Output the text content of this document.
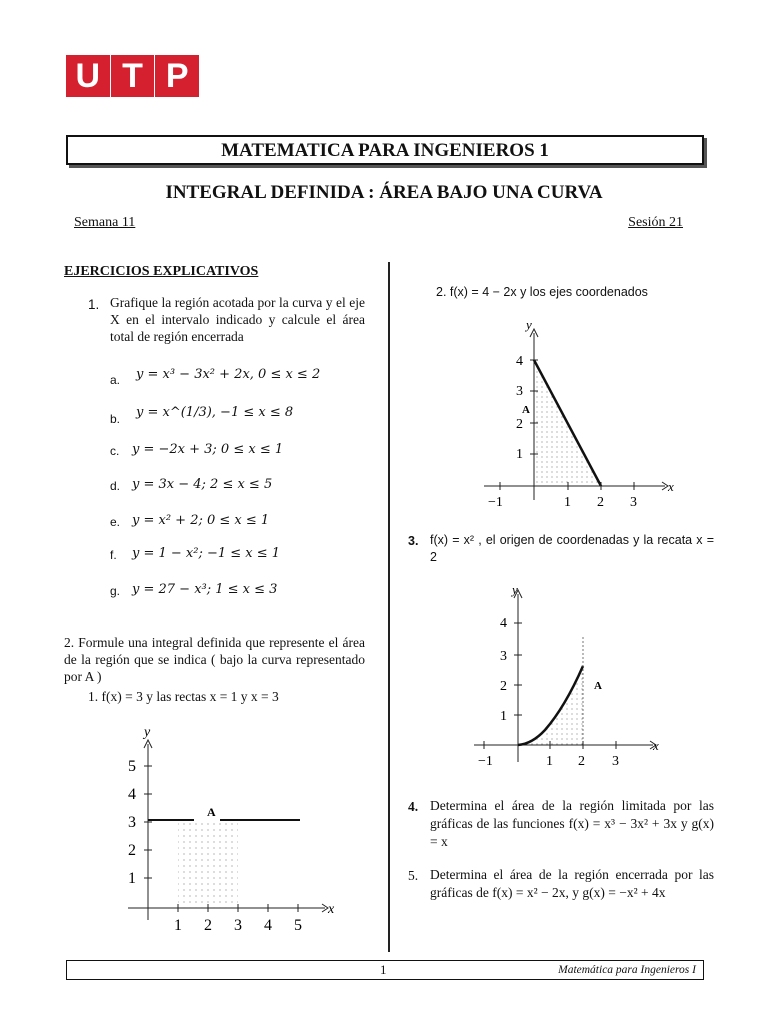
U T P
MATEMATICA PARA INGENIEROS 1
INTEGRAL DEFINIDA : ÁREA BAJO UNA CURVA
Semana 11	Sesión 21
EJERCICIOS EXPLICATIVOS
1. Grafique la región acotada por la curva y el eje X en el intervalo indicado y calcule el área total de región encerrada
a. y = x³ − 3x² + 2x, 0 ≤ x ≤ 2
b. y = x^(1/3), −1 ≤ x ≤ 8
c. y = −2x + 3; 0 ≤ x ≤ 1
d. y = 3x − 4; 2 ≤ x ≤ 5
e. y = x² + 2; 0 ≤ x ≤ 1
f. y = 1 − x²; −1 ≤ x ≤ 1
g. y = 27 − x³; 1 ≤ x ≤ 3
2. Formule una integral definida que represente el área de la región que se indica ( bajo la curva representado por A )
1. f(x) = 3 y las rectas x = 1 y x = 3
A
y
x
1 2 3 4 5
1
2
3
4
5
2. f(x) = 4 − 2x y los ejes coordenados
A
y
x
−1	1 2 3
1
2
3
4
3. f(x) = x² , el origen de coordenadas y la recata x = 2
A
y
x
−1	1 2 3
1
2
3
4
4. Determina el área de la región limitada por las gráficas de las funciones f(x) = x³ − 3x² + 3x y g(x) = x
5. Determina el área de la región encerrada por las gráficas de f(x) = x² − 2x, y g(x) = −x² + 4x
1	Matemática para Ingenieros I
